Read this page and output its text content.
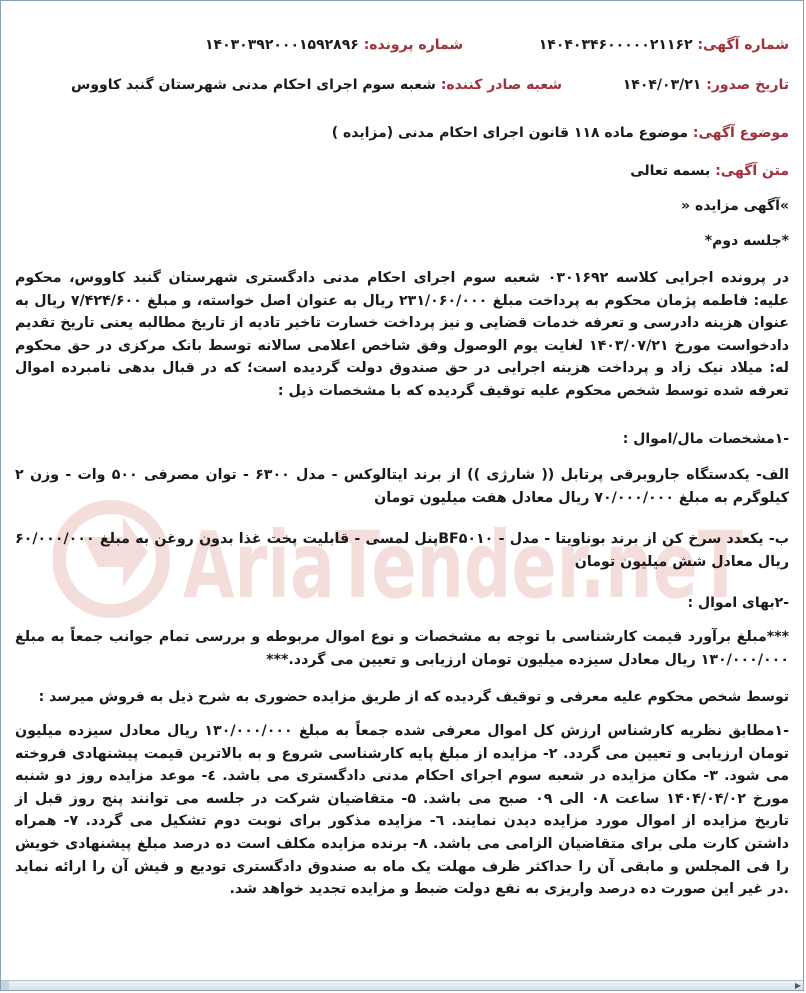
AriaTender.neT
شماره آگهی: ۱۴۰۴۰۳۴۶۰۰۰۰۰۲۱۱۶۲
شماره پرونده: ۱۴۰۳۰۳۹۲۰۰۰۱۵۹۲۸۹۶
تاریخ صدور: ۱۴۰۴/۰۳/۲۱
شعبه صادر کننده: شعبه سوم اجرای احکام مدنی شهرستان گنبد کاووس
موضوع آگهی: موضوع ماده ۱۱۸ قانون اجرای احکام مدنی (مزایده )
متن آگهی: بسمه تعالی
»آگهی مزایده «
*جلسه دوم*
در پرونده اجرایی کلاسه ۰۳۰۱۶۹۲ شعبه سوم اجرای احکام مدنی دادگستری شهرستان گنبد کاووس، محکوم علیه: فاطمه پژمان محکوم به پرداخت مبلغ ۲۳۱/۰۶۰/۰۰۰ ریال به عنوان اصل خواسته، و مبلغ ۷/۴۲۴/۶۰۰ ریال به عنوان هزینه دادرسی و تعرفه خدمات قضایی و نیز پرداخت خسارت تاخیر تادیه از تاریخ مطالبه یعنی تاریخ تقدیم دادخواست مورخ ۱۴۰۳/۰۷/۲۱ لغایت یوم الوصول وفق شاخص اعلامی سالانه توسط بانک مرکزی در حق محکوم له: میلاد نیک زاد و پرداخت هزینه اجرایی در حق صندوق دولت گردیده است؛ که در قبال بدهی نامبرده اموال تعرفه شده توسط شخص محکوم علیه توقیف گردیده که با مشخصات ذیل :
-۱مشخصات مال/اموال :
الف- یکدستگاه جاروبرقی پرتابل (( شارژی )) از برند ایتالوکس - مدل ۶۳۰۰ - توان مصرفی ۵۰۰ وات - وزن ۲ کیلوگرم به مبلغ ۷۰/۰۰۰/۰۰۰ ریال معادل هفت میلیون تومان
ب- یکعدد سرخ کن از برند بوناویتا - مدل - BF۵۰۱۰پنل لمسی - قابلیت پخت غذا بدون روغن به مبلغ ۶۰/۰۰۰/۰۰۰ ریال معادل شش میلیون تومان
-۲بهای اموال :
***مبلغ برآورد قیمت کارشناسی با توجه به مشخصات و نوع اموال مربوطه و بررسی تمام جوانب جمعاً به مبلغ ۱۳۰/۰۰۰/۰۰۰ ریال معادل سیزده میلیون تومان ارزیابی و تعیین می گردد.***
توسط شخص محکوم علیه معرفی و توقیف گردیده که از طریق مزایده حضوری به شرح ذیل به فروش میرسد :
-۱مطابق نظریه کارشناس ارزش کل اموال معرفی شده جمعاً به مبلغ ۱۳۰/۰۰۰/۰۰۰ ریال معادل سیزده میلیون تومان ارزیابی و تعیین می گردد. ۲- مزایده از مبلغ پایه کارشناسی شروع و به بالاترین قیمت پیشنهادی فروخته می شود. ۳- مکان مزایده در شعبه سوم اجرای احکام مدنی دادگستری می باشد. ٤- موعد مزایده روز دو شنبه مورخ ۱۴۰۴/۰۴/۰۲ ساعت ۰۸ الی ۰۹ صبح می باشد. ۵- متقاضیان شرکت در جلسه می توانند پنج روز قبل از تاریخ مزایده از اموال مورد مزایده دیدن نمایند. ٦- مزایده مذکور برای نوبت دوم تشکیل می گردد. ۷- همراه داشتن کارت ملی برای متقاضیان الزامی می باشد. ۸- برنده مزایده مکلف است ده درصد مبلغ پیشنهادی خویش را فی المجلس و مابقی آن را حداکثر ظرف مهلت یک ماه به صندوق دادگستری تودیع و فیش آن را ارائه نماید .در غیر این صورت ده درصد واریزی به نفع دولت ضبط و مزایده تجدید خواهد شد.
▶
